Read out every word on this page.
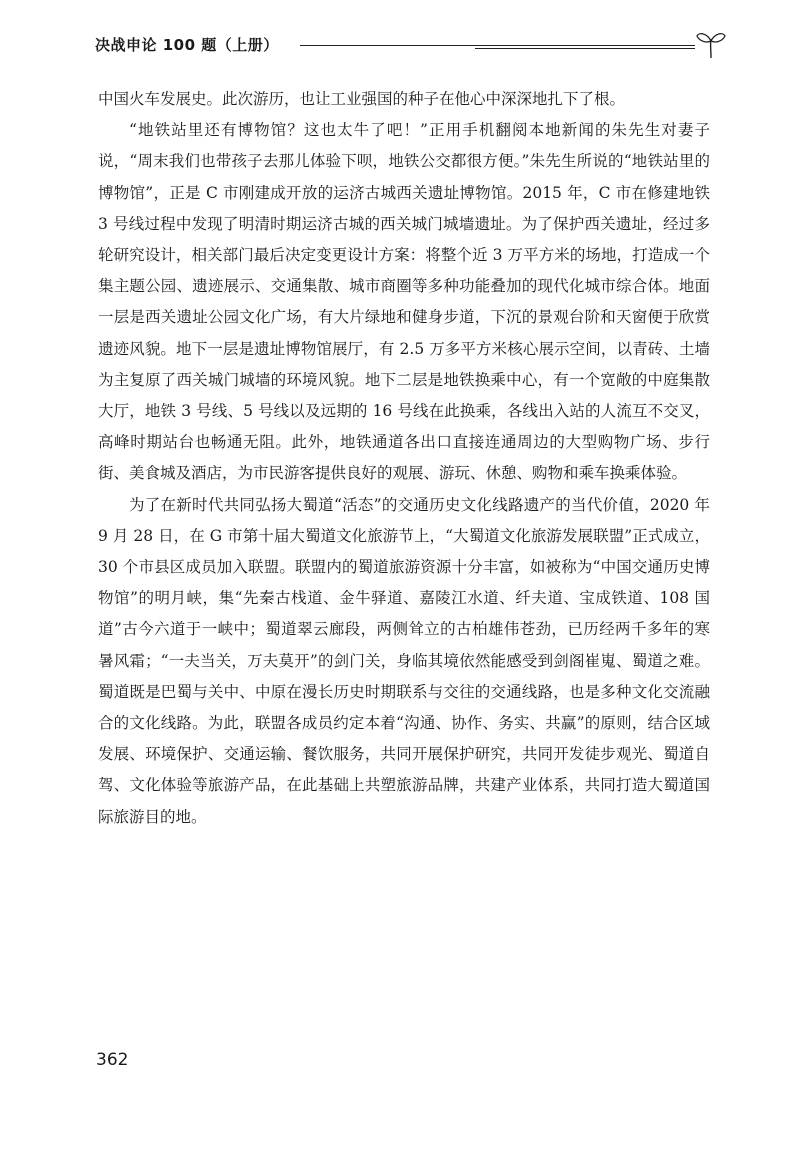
决战申论 100 题（上册）

中国火车发展史。此次游历，也让工业强国的种子在他心中深深地扎下了根。

“地铁站里还有博物馆？这也太牛了吧！”正用手机翻阅本地新闻的朱先生对妻子说，“周末我们也带孩子去那儿体验下呗，地铁公交都很方便。”朱先生所说的“地铁站里的博物馆”，正是 C 市刚建成开放的运济古城西关遗址博物馆。2015 年，C 市在修建地铁 3 号线过程中发现了明清时期运济古城的西关城门城墙遗址。为了保护西关遗址，经过多轮研究设计，相关部门最后决定变更设计方案：将整个近 3 万平方米的场地，打造成一个集主题公园、遗迹展示、交通集散、城市商圈等多种功能叠加的现代化城市综合体。地面一层是西关遗址公园文化广场，有大片绿地和健身步道，下沉的景观台阶和天窗便于欣赏遗迹风貌。地下一层是遗址博物馆展厅，有 2.5 万多平方米核心展示空间，以青砖、土墙为主复原了西关城门城墙的环境风貌。地下二层是地铁换乘中心，有一个宽敞的中庭集散大厅，地铁 3 号线、5 号线以及远期的 16 号线在此换乘，各线出入站的人流互不交叉，高峰时期站台也畅通无阻。此外，地铁通道各出口直接连通周边的大型购物广场、步行街、美食城及酒店，为市民游客提供良好的观展、游玩、休憩、购物和乘车换乘体验。

为了在新时代共同弘扬大蜀道“活态”的交通历史文化线路遗产的当代价值，2020 年 9 月 28 日，在 G 市第十届大蜀道文化旅游节上，“大蜀道文化旅游发展联盟”正式成立，30 个市县区成员加入联盟。联盟内的蜀道旅游资源十分丰富，如被称为“中国交通历史博物馆”的明月峡，集“先秦古栈道、金牛驿道、嘉陵江水道、纤夫道、宝成铁道、108 国道”古今六道于一峡中；蜀道翠云廊段，两侧耸立的古柏雄伟苍劲，已历经两千多年的寒暑风霜；“一夫当关，万夫莫开”的剑门关，身临其境依然能感受到剑阁崔嵬、蜀道之难。蜀道既是巴蜀与关中、中原在漫长历史时期联系与交往的交通线路，也是多种文化交流融合的文化线路。为此，联盟各成员约定本着“沟通、协作、务实、共赢”的原则，结合区域发展、环境保护、交通运输、餐饮服务，共同开展保护研究，共同开发徒步观光、蜀道自驾、文化体验等旅游产品，在此基础上共塑旅游品牌，共建产业体系，共同打造大蜀道国际旅游目的地。

362
